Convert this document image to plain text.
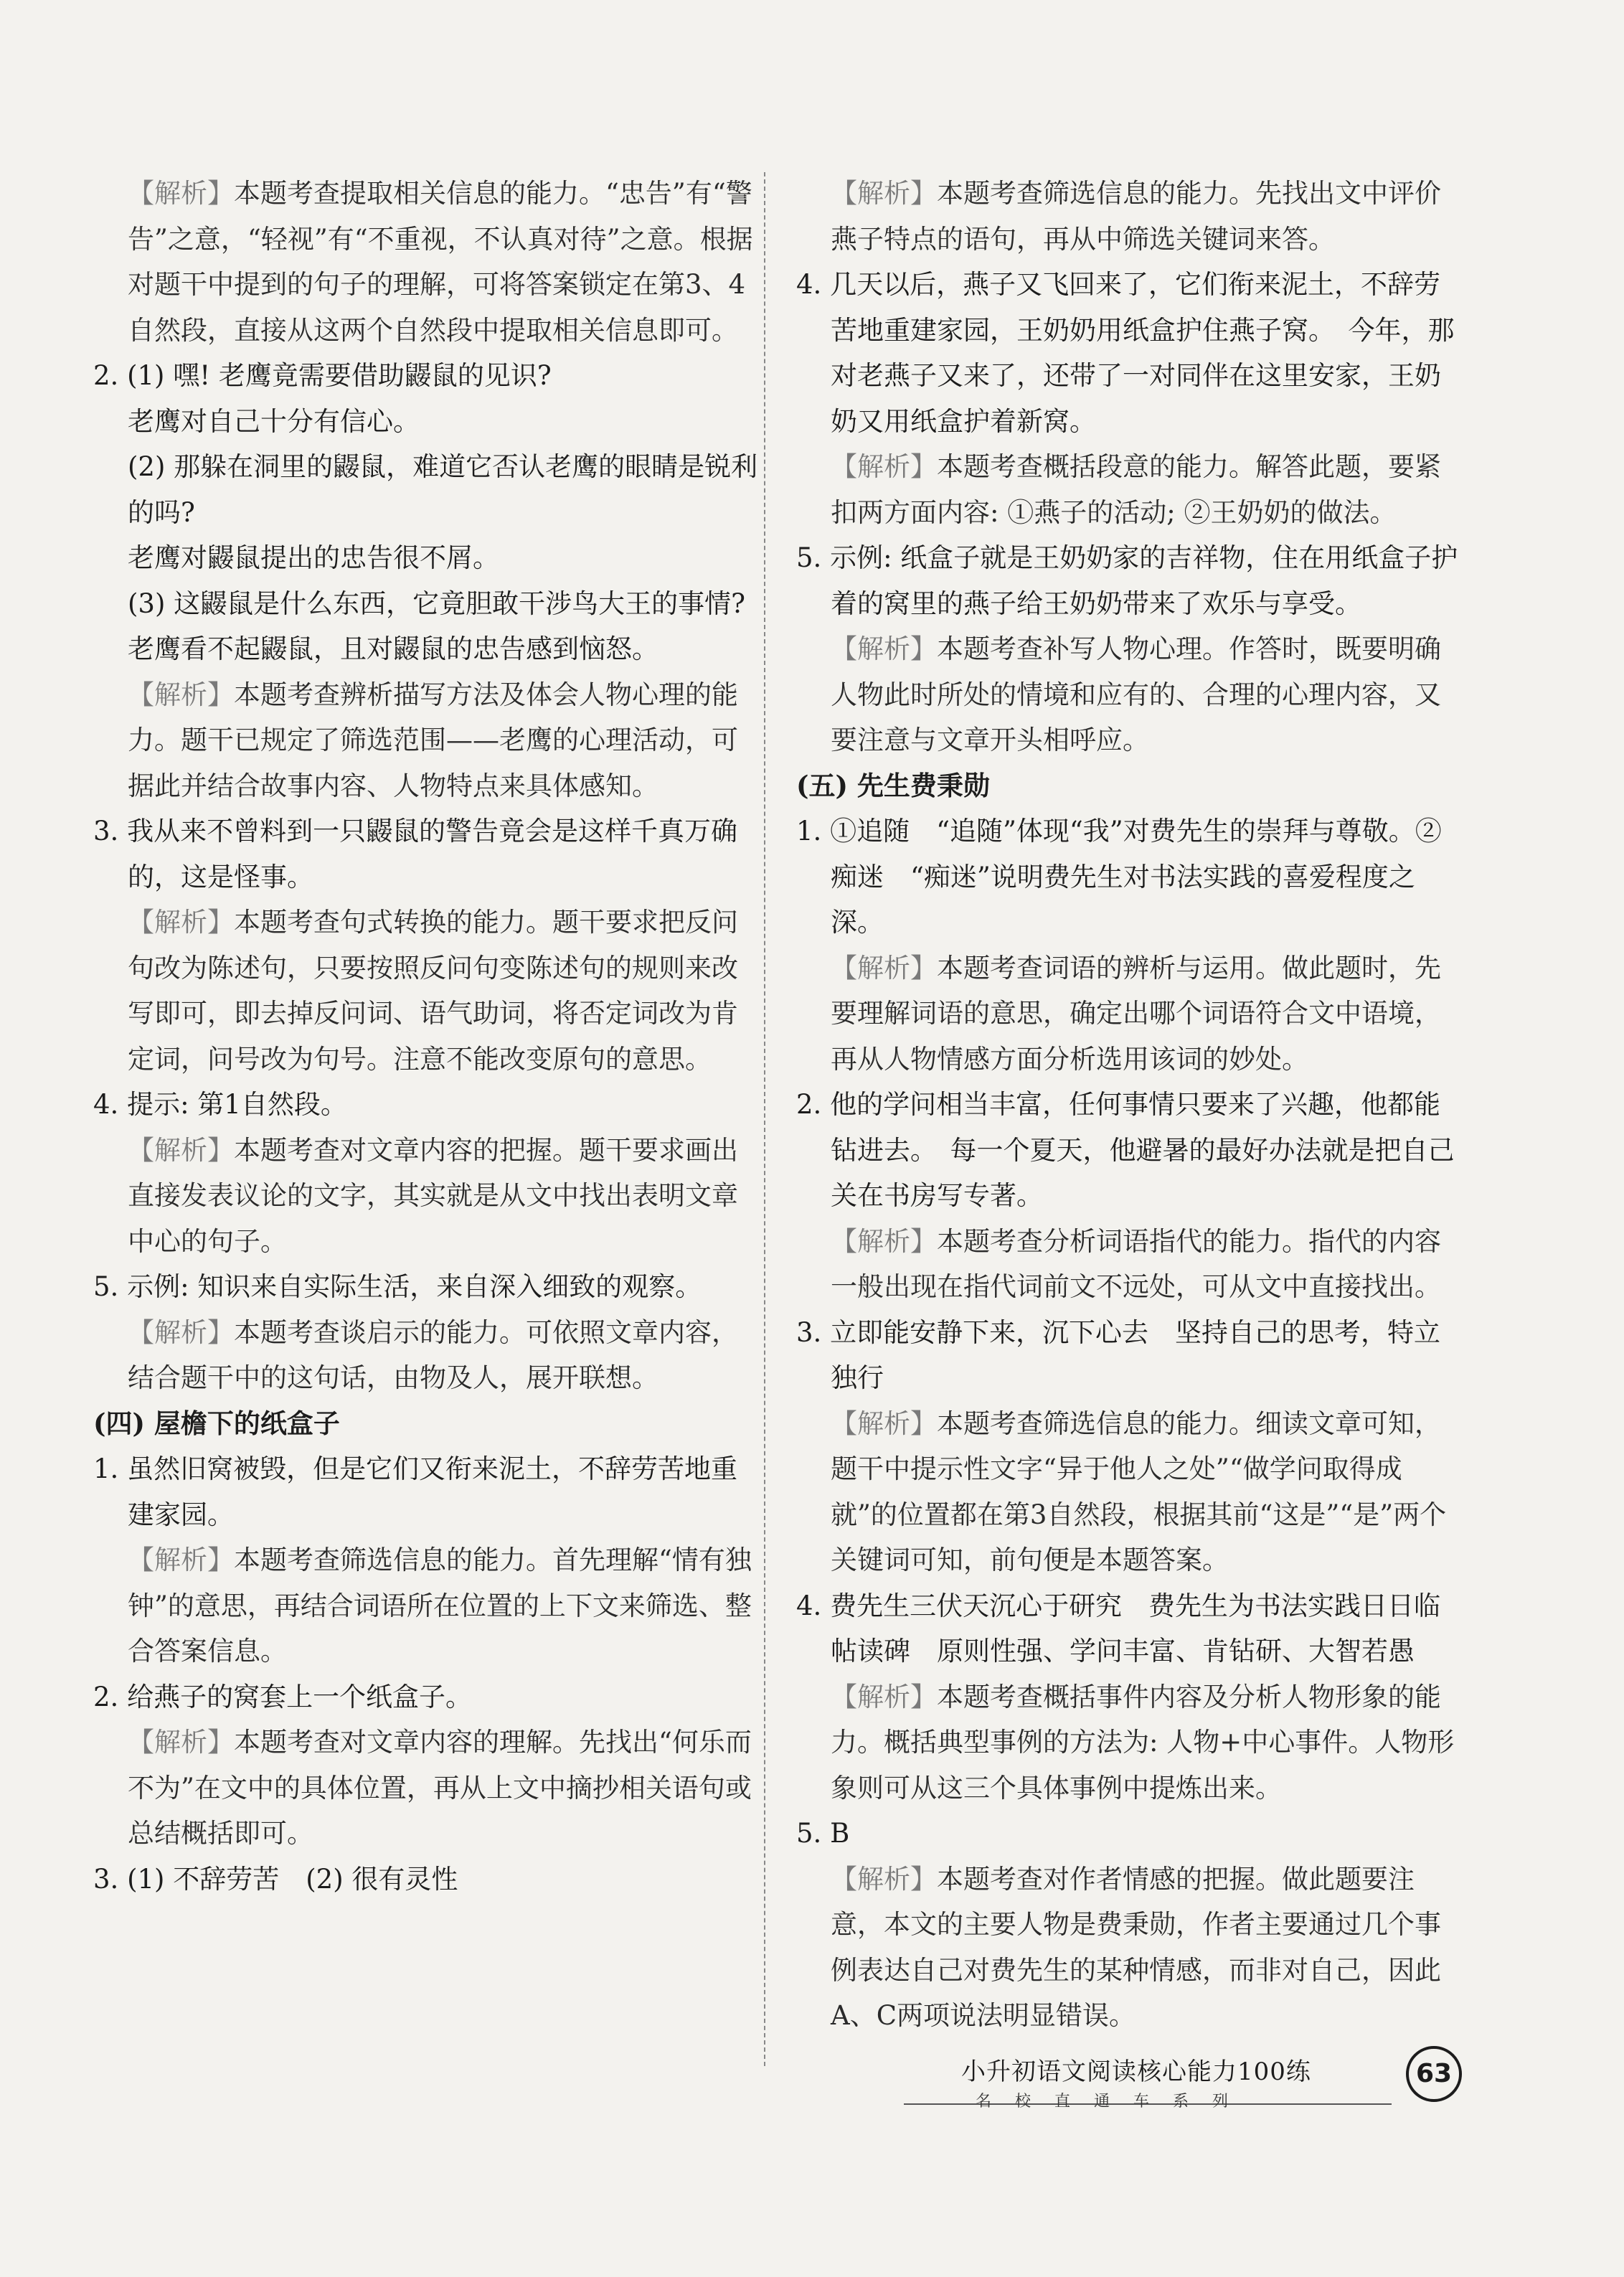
【解析】本题考查提取相关信息的能力。“忠告”有“警告”之意，“轻视”有“不重视，不认真对待”之意。根据对题干中提到的句子的理解，可将答案锁定在第3、4自然段，直接从这两个自然段中提取相关信息即可。

2. (1) 嘿! 老鹰竟需要借助鼹鼠的见识?

老鹰对自己十分有信心。

(2) 那躲在洞里的鼹鼠，难道它否认老鹰的眼睛是锐利的吗?

老鹰对鼹鼠提出的忠告很不屑。

(3) 这鼹鼠是什么东西，它竟胆敢干涉鸟大王的事情?

老鹰看不起鼹鼠，且对鼹鼠的忠告感到恼怒。

【解析】本题考查辨析描写方法及体会人物心理的能力。题干已规定了筛选范围——老鹰的心理活动，可据此并结合故事内容、人物特点来具体感知。

3. 我从来不曾料到一只鼹鼠的警告竟会是这样千真万确的，这是怪事。

【解析】本题考查句式转换的能力。题干要求把反问句改为陈述句，只要按照反问句变陈述句的规则来改写即可，即去掉反问词、语气助词，将否定词改为肯定词，问号改为句号。注意不能改变原句的意思。

4. 提示: 第1自然段。

【解析】本题考查对文章内容的把握。题干要求画出直接发表议论的文字，其实就是从文中找出表明文章中心的句子。

5. 示例: 知识来自实际生活，来自深入细致的观察。

【解析】本题考查谈启示的能力。可依照文章内容，结合题干中的这句话，由物及人，展开联想。

(四) 屋檐下的纸盒子

1. 虽然旧窝被毁，但是它们又衔来泥土，不辞劳苦地重建家园。

【解析】本题考查筛选信息的能力。首先理解“情有独钟”的意思，再结合词语所在位置的上下文来筛选、整合答案信息。

2. 给燕子的窝套上一个纸盒子。

【解析】本题考查对文章内容的理解。先找出“何乐而不为”在文中的具体位置，再从上文中摘抄相关语句或总结概括即可。

3. (1) 不辞劳苦　(2) 很有灵性

【解析】本题考查筛选信息的能力。先找出文中评价燕子特点的语句，再从中筛选关键词来答。

4. 几天以后，燕子又飞回来了，它们衔来泥土，不辞劳苦地重建家园，王奶奶用纸盒护住燕子窝。　今年，那对老燕子又来了，还带了一对同伴在这里安家，王奶奶又用纸盒护着新窝。

【解析】本题考查概括段意的能力。解答此题，要紧扣两方面内容: ①燕子的活动; ②王奶奶的做法。

5. 示例: 纸盒子就是王奶奶家的吉祥物，住在用纸盒子护着的窝里的燕子给王奶奶带来了欢乐与享受。

【解析】本题考查补写人物心理。作答时，既要明确人物此时所处的情境和应有的、合理的心理内容，又要注意与文章开头相呼应。

(五) 先生费秉勋

1. ①追随　“追随”体现“我”对费先生的崇拜与尊敬。②痴迷　“痴迷”说明费先生对书法实践的喜爱程度之深。

【解析】本题考查词语的辨析与运用。做此题时，先要理解词语的意思，确定出哪个词语符合文中语境，再从人物情感方面分析选用该词的妙处。

2. 他的学问相当丰富，任何事情只要来了兴趣，他都能钻进去。　每一个夏天，他避暑的最好办法就是把自己关在书房写专著。

【解析】本题考查分析词语指代的能力。指代的内容一般出现在指代词前文不远处，可从文中直接找出。

3. 立即能安静下来，沉下心去　坚持自己的思考，特立独行

【解析】本题考查筛选信息的能力。细读文章可知，题干中提示性文字“异于他人之处”“做学问取得成就”的位置都在第3自然段，根据其前“这是”“是”两个关键词可知，前句便是本题答案。

4. 费先生三伏天沉心于研究　费先生为书法实践日日临帖读碑　原则性强、学问丰富、肯钻研、大智若愚

【解析】本题考查概括事件内容及分析人物形象的能力。概括典型事例的方法为: 人物+中心事件。人物形象则可从这三个具体事例中提炼出来。

5. B

【解析】本题考查对作者情感的把握。做此题要注意，本文的主要人物是费秉勋，作者主要通过几个事例表达自己对费先生的某种情感，而非对自己，因此A、C两项说法明显错误。

小升初语文阅读核心能力100练
名校直通车系列
63
